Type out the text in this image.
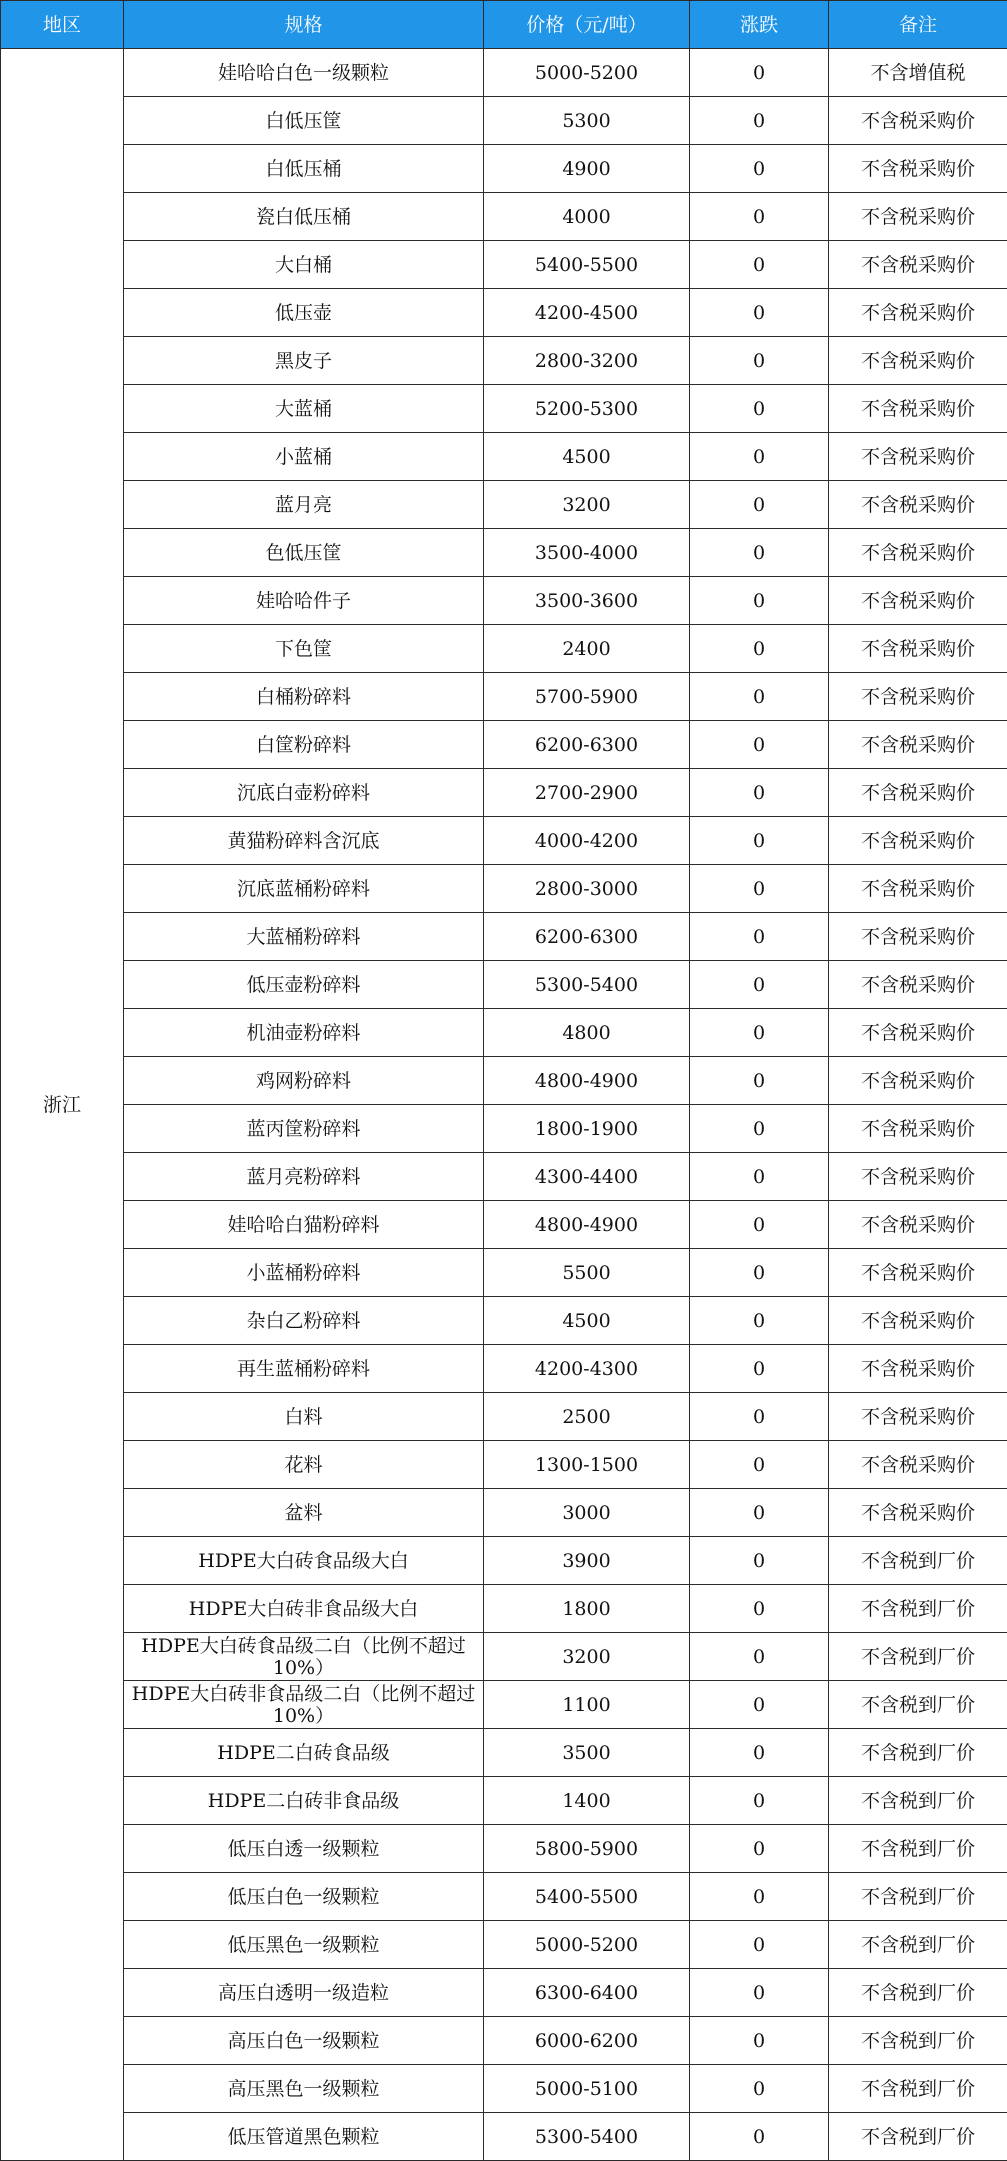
地区	规格	价格（元/吨）	涨跌	备注
浙江	娃哈哈白色一级颗粒	5000-5200	0	不含增值税
	白低压筐	5300	0	不含税采购价
	白低压桶	4900	0	不含税采购价
	瓷白低压桶	4000	0	不含税采购价
	大白桶	5400-5500	0	不含税采购价
	低压壶	4200-4500	0	不含税采购价
	黑皮子	2800-3200	0	不含税采购价
	大蓝桶	5200-5300	0	不含税采购价
	小蓝桶	4500	0	不含税采购价
	蓝月亮	3200	0	不含税采购价
	色低压筐	3500-4000	0	不含税采购价
	娃哈哈件子	3500-3600	0	不含税采购价
	下色筐	2400	0	不含税采购价
	白桶粉碎料	5700-5900	0	不含税采购价
	白筐粉碎料	6200-6300	0	不含税采购价
	沉底白壶粉碎料	2700-2900	0	不含税采购价
	黄猫粉碎料含沉底	4000-4200	0	不含税采购价
	沉底蓝桶粉碎料	2800-3000	0	不含税采购价
	大蓝桶粉碎料	6200-6300	0	不含税采购价
	低压壶粉碎料	5300-5400	0	不含税采购价
	机油壶粉碎料	4800	0	不含税采购价
	鸡网粉碎料	4800-4900	0	不含税采购价
	蓝丙筐粉碎料	1800-1900	0	不含税采购价
	蓝月亮粉碎料	4300-4400	0	不含税采购价
	娃哈哈白猫粉碎料	4800-4900	0	不含税采购价
	小蓝桶粉碎料	5500	0	不含税采购价
	杂白乙粉碎料	4500	0	不含税采购价
	再生蓝桶粉碎料	4200-4300	0	不含税采购价
	白料	2500	0	不含税采购价
	花料	1300-1500	0	不含税采购价
	盆料	3000	0	不含税采购价
	HDPE大白砖食品级大白	3900	0	不含税到厂价
	HDPE大白砖非食品级大白	1800	0	不含税到厂价

	HDPE大白砖食品级二白（比例不超过10%）	3200	0	不含税到厂价

	HDPE大白砖非食品级二白（比例不超过10%）	1100	0	不含税到厂价
	HDPE二白砖食品级	3500	0	不含税到厂价
	HDPE二白砖非食品级	1400	0	不含税到厂价
	低压白透一级颗粒	5800-5900	0	不含税到厂价
	低压白色一级颗粒	5400-5500	0	不含税到厂价
	低压黑色一级颗粒	5000-5200	0	不含税到厂价
	高压白透明一级造粒	6300-6400	0	不含税到厂价
	高压白色一级颗粒	6000-6200	0	不含税到厂价
	高压黑色一级颗粒	5000-5100	0	不含税到厂价
	低压管道黑色颗粒	5300-5400	0	不含税到厂价
